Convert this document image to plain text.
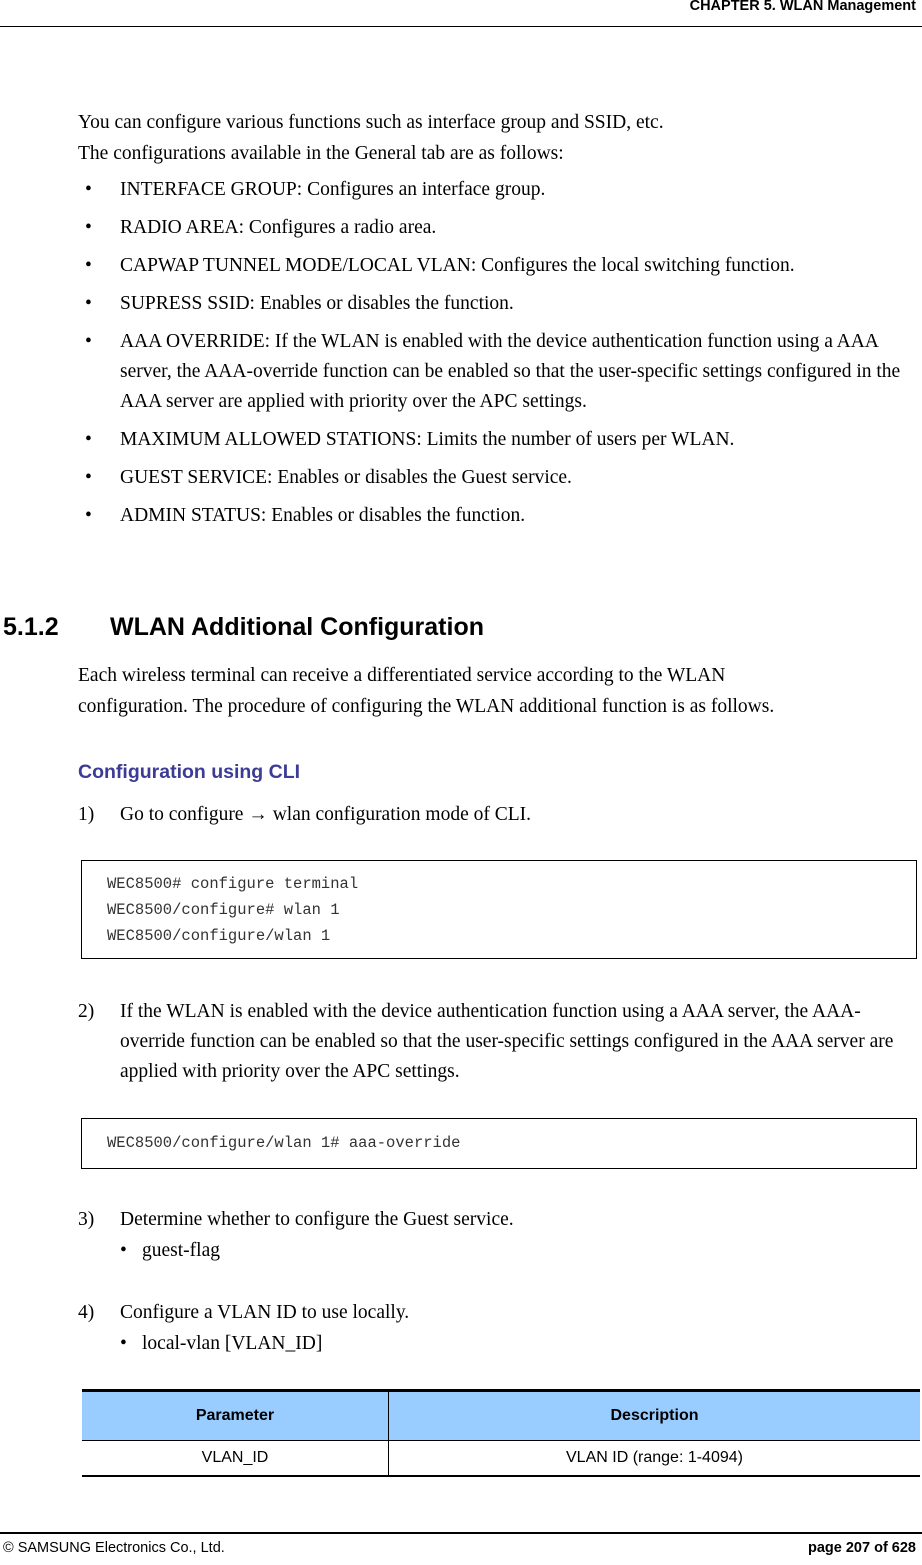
CHAPTER 5. WLAN Management
You can configure various functions such as interface group and SSID, etc.
The configurations available in the General tab are as follows:
• INTERFACE GROUP: Configures an interface group.
• RADIO AREA: Configures a radio area.
• CAPWAP TUNNEL MODE/LOCAL VLAN: Configures the local switching function.
• SUPRESS SSID: Enables or disables the function.
• AAA OVERRIDE: If the WLAN is enabled with the device authentication function using a AAA server, the AAA-override function can be enabled so that the user-specific settings configured in the AAA server are applied with priority over the APC settings.
• MAXIMUM ALLOWED STATIONS: Limits the number of users per WLAN.
• GUEST SERVICE: Enables or disables the Guest service.
• ADMIN STATUS: Enables or disables the function.
5.1.2 WLAN Additional Configuration
Each wireless terminal can receive a differentiated service according to the WLAN
configuration. The procedure of configuring the WLAN additional function is as follows.
Configuration using CLI
1)	Go to configure → wlan configuration mode of CLI.
WEC8500# configure terminal
WEC8500/configure# wlan 1
WEC8500/configure/wlan 1
2)	If the WLAN is enabled with the device authentication function using a AAA server, the AAA-override function can be enabled so that the user-specific settings configured in the AAA server are applied with priority over the APC settings.
WEC8500/configure/wlan 1# aaa-override
3)	Determine whether to configure the Guest service.
• guest-flag
4)	Configure a VLAN ID to use locally.
• local-vlan [VLAN_ID]
Parameter	Description
VLAN_ID	VLAN ID (range: 1-4094)
© SAMSUNG Electronics Co., Ltd.	page 207 of 628
